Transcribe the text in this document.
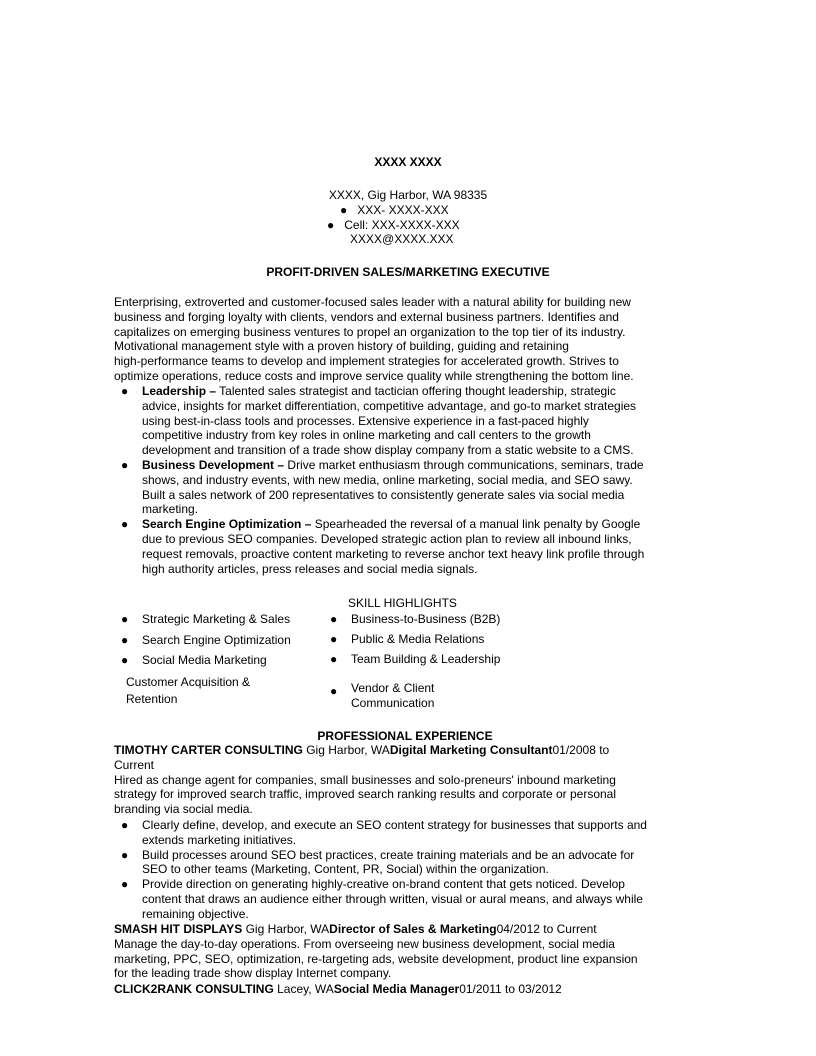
XXXX XXXX
XXXX, Gig Harbor, WA 98335
● XXX- XXXX-XXX
● Cell: XXX-XXXX-XXX
XXXX@XXXX.XXX
PROFIT-DRIVEN SALES/MARKETING EXECUTIVE
Enterprising, extroverted and customer-focused sales leader with a natural ability for building new
business and forging loyalty with clients, vendors and external business partners. Identifies and
capitalizes on emerging business ventures to propel an organization to the top tier of its industry.
Motivational management style with a proven history of building, guiding and retaining
high-performance teams to develop and implement strategies for accelerated growth. Strives to
optimize operations, reduce costs and improve service quality while strengthening the bottom line.
● Leadership – Talented sales strategist and tactician offering thought leadership, strategic
advice, insights for market differentiation, competitive advantage, and go-to market strategies
using best-in-class tools and processes. Extensive experience in a fast-paced highly
competitive industry from key roles in online marketing and call centers to the growth
development and transition of a trade show display company from a static website to a CMS.
● Business Development – Drive market enthusiasm through communications, seminars, trade
shows, and industry events, with new media, online marketing, social media, and SEO sawy.
Built a sales network of 200 representatives to consistently generate sales via social media
marketing.
● Search Engine Optimization – Spearheaded the reversal of a manual link penalty by Google
due to previous SEO companies. Developed strategic action plan to review all inbound links,
request removals, proactive content marketing to reverse anchor text heavy link profile through
high authority articles, press releases and social media signals.
SKILL HIGHLIGHTS
● Strategic Marketing & Sales
● Search Engine Optimization
● Social Media Marketing
Customer Acquisition &
Retention
● Business-to-Business (B2B)
● Public & Media Relations
● Team Building & Leadership
● Vendor & Client
Communication
PROFESSIONAL EXPERIENCE
TIMOTHY CARTER CONSULTING Gig Harbor, WADigital Marketing Consultant01/2008 to
Current
Hired as change agent for companies, small businesses and solo-preneurs' inbound marketing
strategy for improved search traffic, improved search ranking results and corporate or personal
branding via social media.
● Clearly define, develop, and execute an SEO content strategy for businesses that supports and
extends marketing initiatives.
● Build processes around SEO best practices, create training materials and be an advocate for
SEO to other teams (Marketing, Content, PR, Social) within the organization.
● Provide direction on generating highly-creative on-brand content that gets noticed. Develop
content that draws an audience either through written, visual or aural means, and always while
remaining objective.
SMASH HIT DISPLAYS Gig Harbor, WADirector of Sales & Marketing04/2012 to Current
Manage the day-to-day operations. From overseeing new business development, social media
marketing, PPC, SEO, optimization, re-targeting ads, website development, product line expansion
for the leading trade show display Internet company.
CLICK2RANK CONSULTING Lacey, WASocial Media Manager01/2011 to 03/2012
